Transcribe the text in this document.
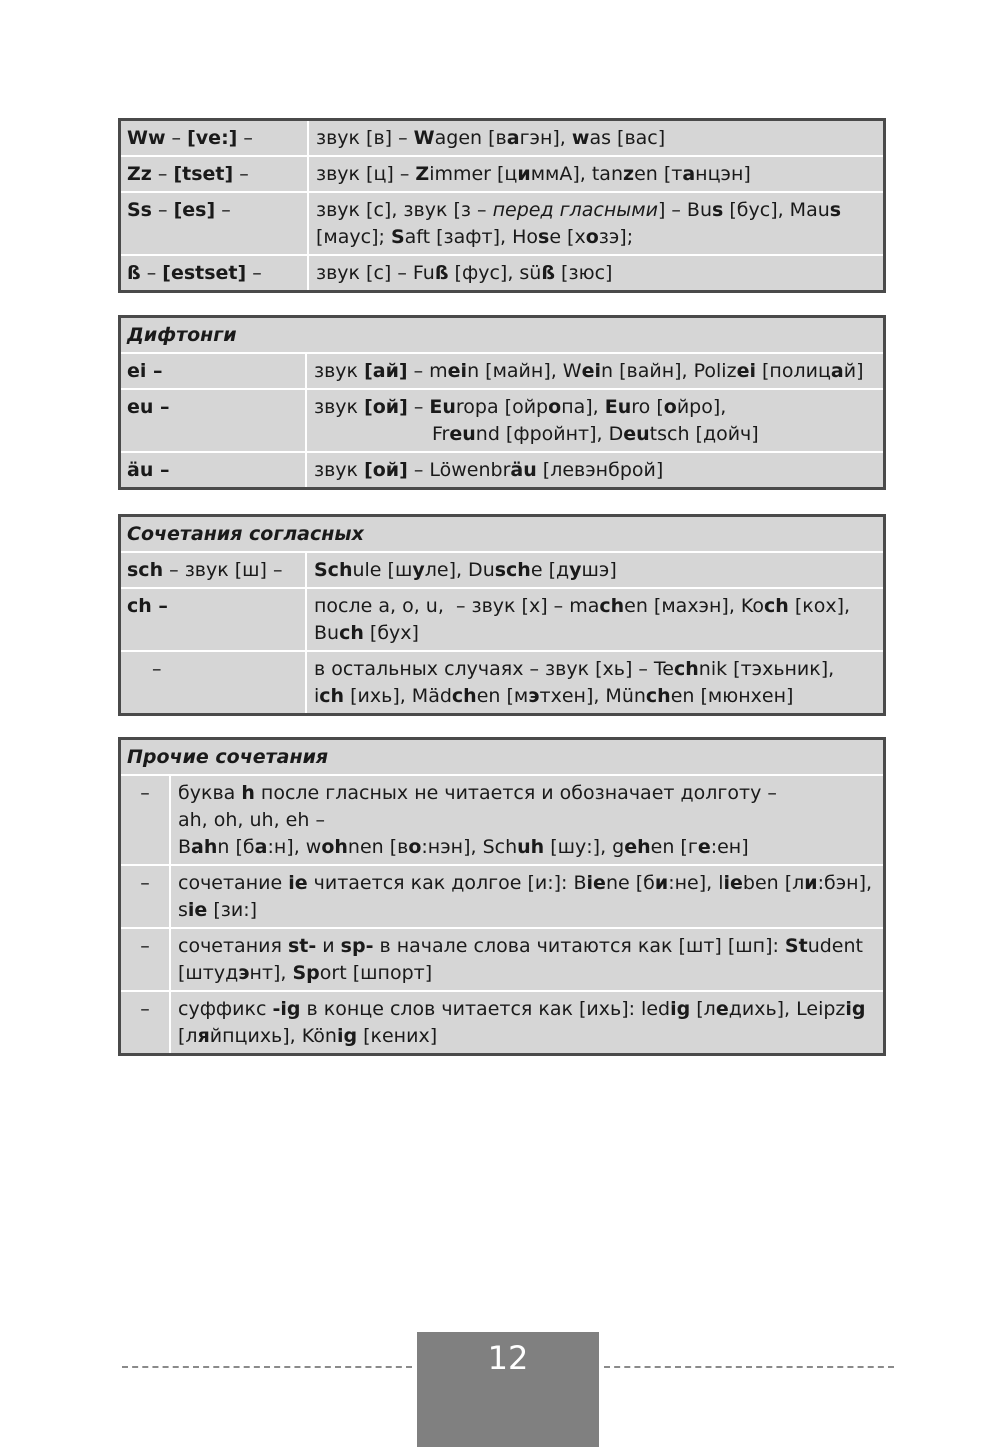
Ww – [ve:] –	звук [в] – Wagen [вагэн], was [вас]
Zz – [tset] –	звук [ц] – Zimmer [циммА], tanzen [танцэн]
Ss – [es] –	звук [с], звук [з – перед гласными] – Bus [бус], Maus
[маус]; Saft [зафт], Hose [хозэ];
ß – [estset] –	звук [с] – Fuß [фус], süß [зюс]
Дифтонги
ei –	звук [ай] – mein [майн], Wein [вайн], Polizei [полицай]
eu –	звук [ой] – Europa [ойропа], Euro [ойро],
Freund [фройнт], Deutsch [дойч]
äu –	звук [ой] – Löwenbräu [левэнброй]
Сочетания согласных
sch – звук [ш] –	Schule [шуле], Dusche [душэ]
ch –	после a, o, u,  – звук [х] – machen [махэн], Koch [кох],
Buch [бух]
–	в остальных случаях – звук [хь] – Technik [тэхьник],
ich [ихь], Mädchen [мэтхен], München [мюнхен]
Прочие сочетания
–	буква h после гласных не читается и обозначает долготу –
ah, oh, uh, eh –
Bahn [ба:н], wohnen [во:нэн], Schuh [шу:], gehen [ге:ен]
–	сочетание ie читается как долгое [и:]: Biene [би:не], lieben [ли:бэн],
sie [зи:]
–	сочетания st- и sp- в начале слова читаются как [шт] [шп]: Student
[штудэнт], Sport [шпорт]
–	суффикс -ig в конце слов читается как [ихь]: ledig [ледихь], Leipzig
[ляйпцихь], König [кених]
12
